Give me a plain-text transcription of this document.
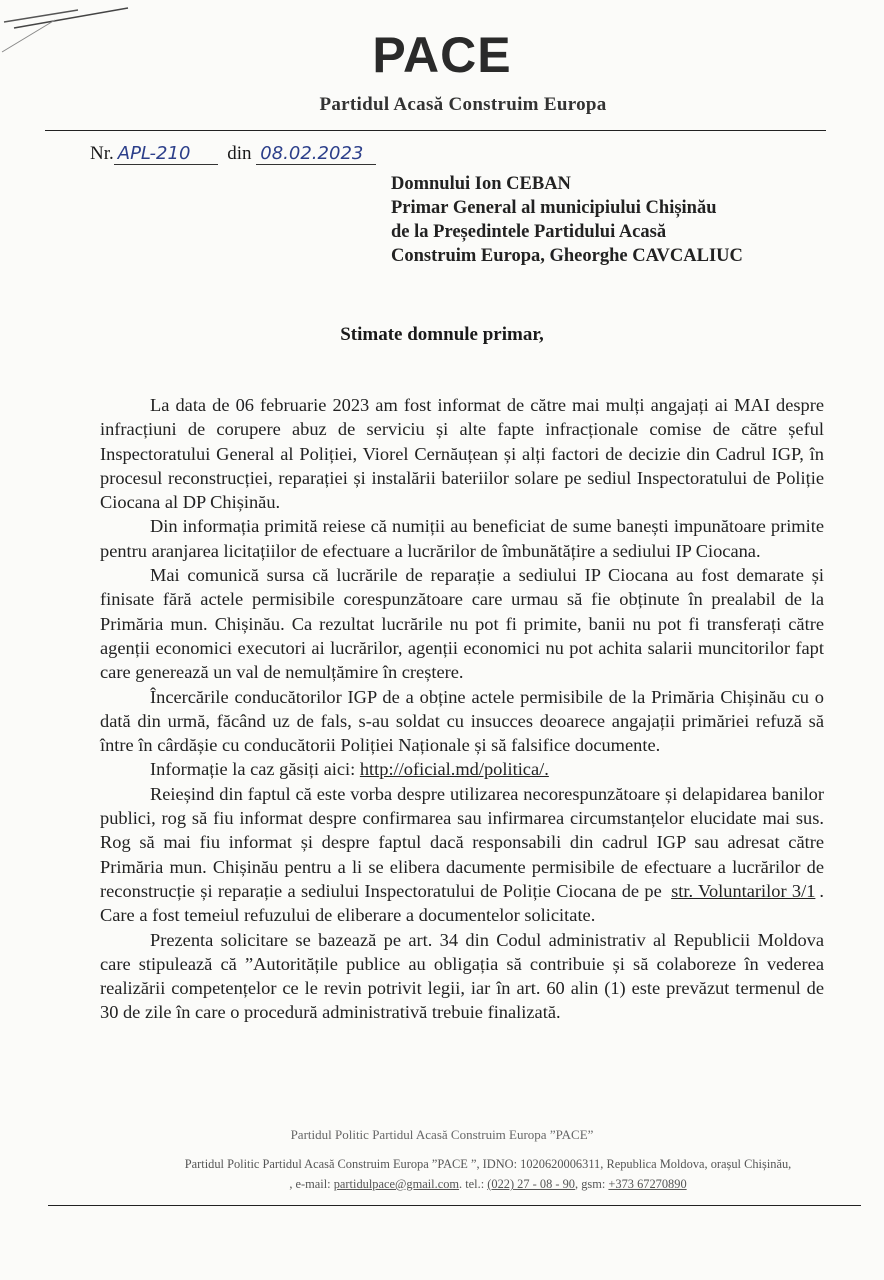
PACE
Partidul Acasă Construim Europa
Nr. APL-210 din 08.02.2023
Domnului Ion CEBAN
Primar General al municipiului Chișinău
de la Președintele Partidului Acasă
Construim Europa, Gheorghe CAVCALIUC
Stimate domnule primar,

La data de 06 februarie 2023 am fost informat de către mai mulți angajați ai MAI despre infracțiuni de corupere abuz de serviciu și alte fapte infracționale comise de către șeful Inspectoratului General al Poliției, Viorel Cernăuțean și alți factori de decizie din Cadrul IGP, în procesul reconstrucției, reparației și instalării bateriilor solare pe sediul Inspectoratului de Poliție Ciocana al DP Chișinău.

Din informația primită reiese că numiții au beneficiat de sume banești impunătoare primite pentru aranjarea licitațiilor de efectuare a lucrărilor de îmbunătățire a sediului IP Ciocana.

Mai comunică sursa că lucrările de reparație a sediului IP Ciocana au fost demarate și finisate fără actele permisibile corespunzătoare care urmau să fie obținute în prealabil de la Primăria mun. Chișinău. Ca rezultat lucrările nu pot fi primite, banii nu pot fi transferați către agenții economici executori ai lucrărilor, agenții economici nu pot achita salarii muncitorilor fapt care generează un val de nemulțămire în creștere.

Încercările conducătorilor IGP de a obține actele permisibile de la Primăria Chișinău cu o dată din urmă, făcând uz de fals, s-au soldat cu insucces deoarece angajații primăriei refuză să între în cârdășie cu conducătorii Poliției Naționale și să falsifice documente.

Informație la caz găsiți aici: http://oficial.md/politica/.

Reieșind din faptul că este vorba despre utilizarea necorespunzătoare și delapidarea banilor publici, rog să fiu informat despre confirmarea sau infirmarea circumstanțelor elucidate mai sus. Rog să mai fiu informat și despre faptul dacă responsabili din cadrul IGP sau adresat către Primăria mun. Chișinău pentru a li se elibera dacumente permisibile de efectuare a lucrărilor de reconstrucție și reparație a sediului Inspectoratului de Poliție Ciocana de pe str. Voluntarilor 3/1 . Care a fost temeiul refuzului de eliberare a documentelor solicitate.

Prezenta solicitare se bazează pe art. 34 din Codul administrativ al Republicii Moldova care stipulează că ”Autoritățile publice au obligația să contribuie și să colaboreze în vederea realizării competențelor ce le revin potrivit legii, iar în art. 60 alin (1) este prevăzut termenul de 30 de zile în care o procedură administrativă trebuie finalizată.

Partidul Politic Partidul Acasă Construim Europa ”PACE”
Partidul Politic Partidul Acasă Construim Europa ”PACE ”, IDNO: 1020620006311, Republica Moldova, orașul Chișinău,
, e-mail: partidulpace@gmail.com. tel.: (022) 27 - 08 - 90, gsm: +373 67270890
